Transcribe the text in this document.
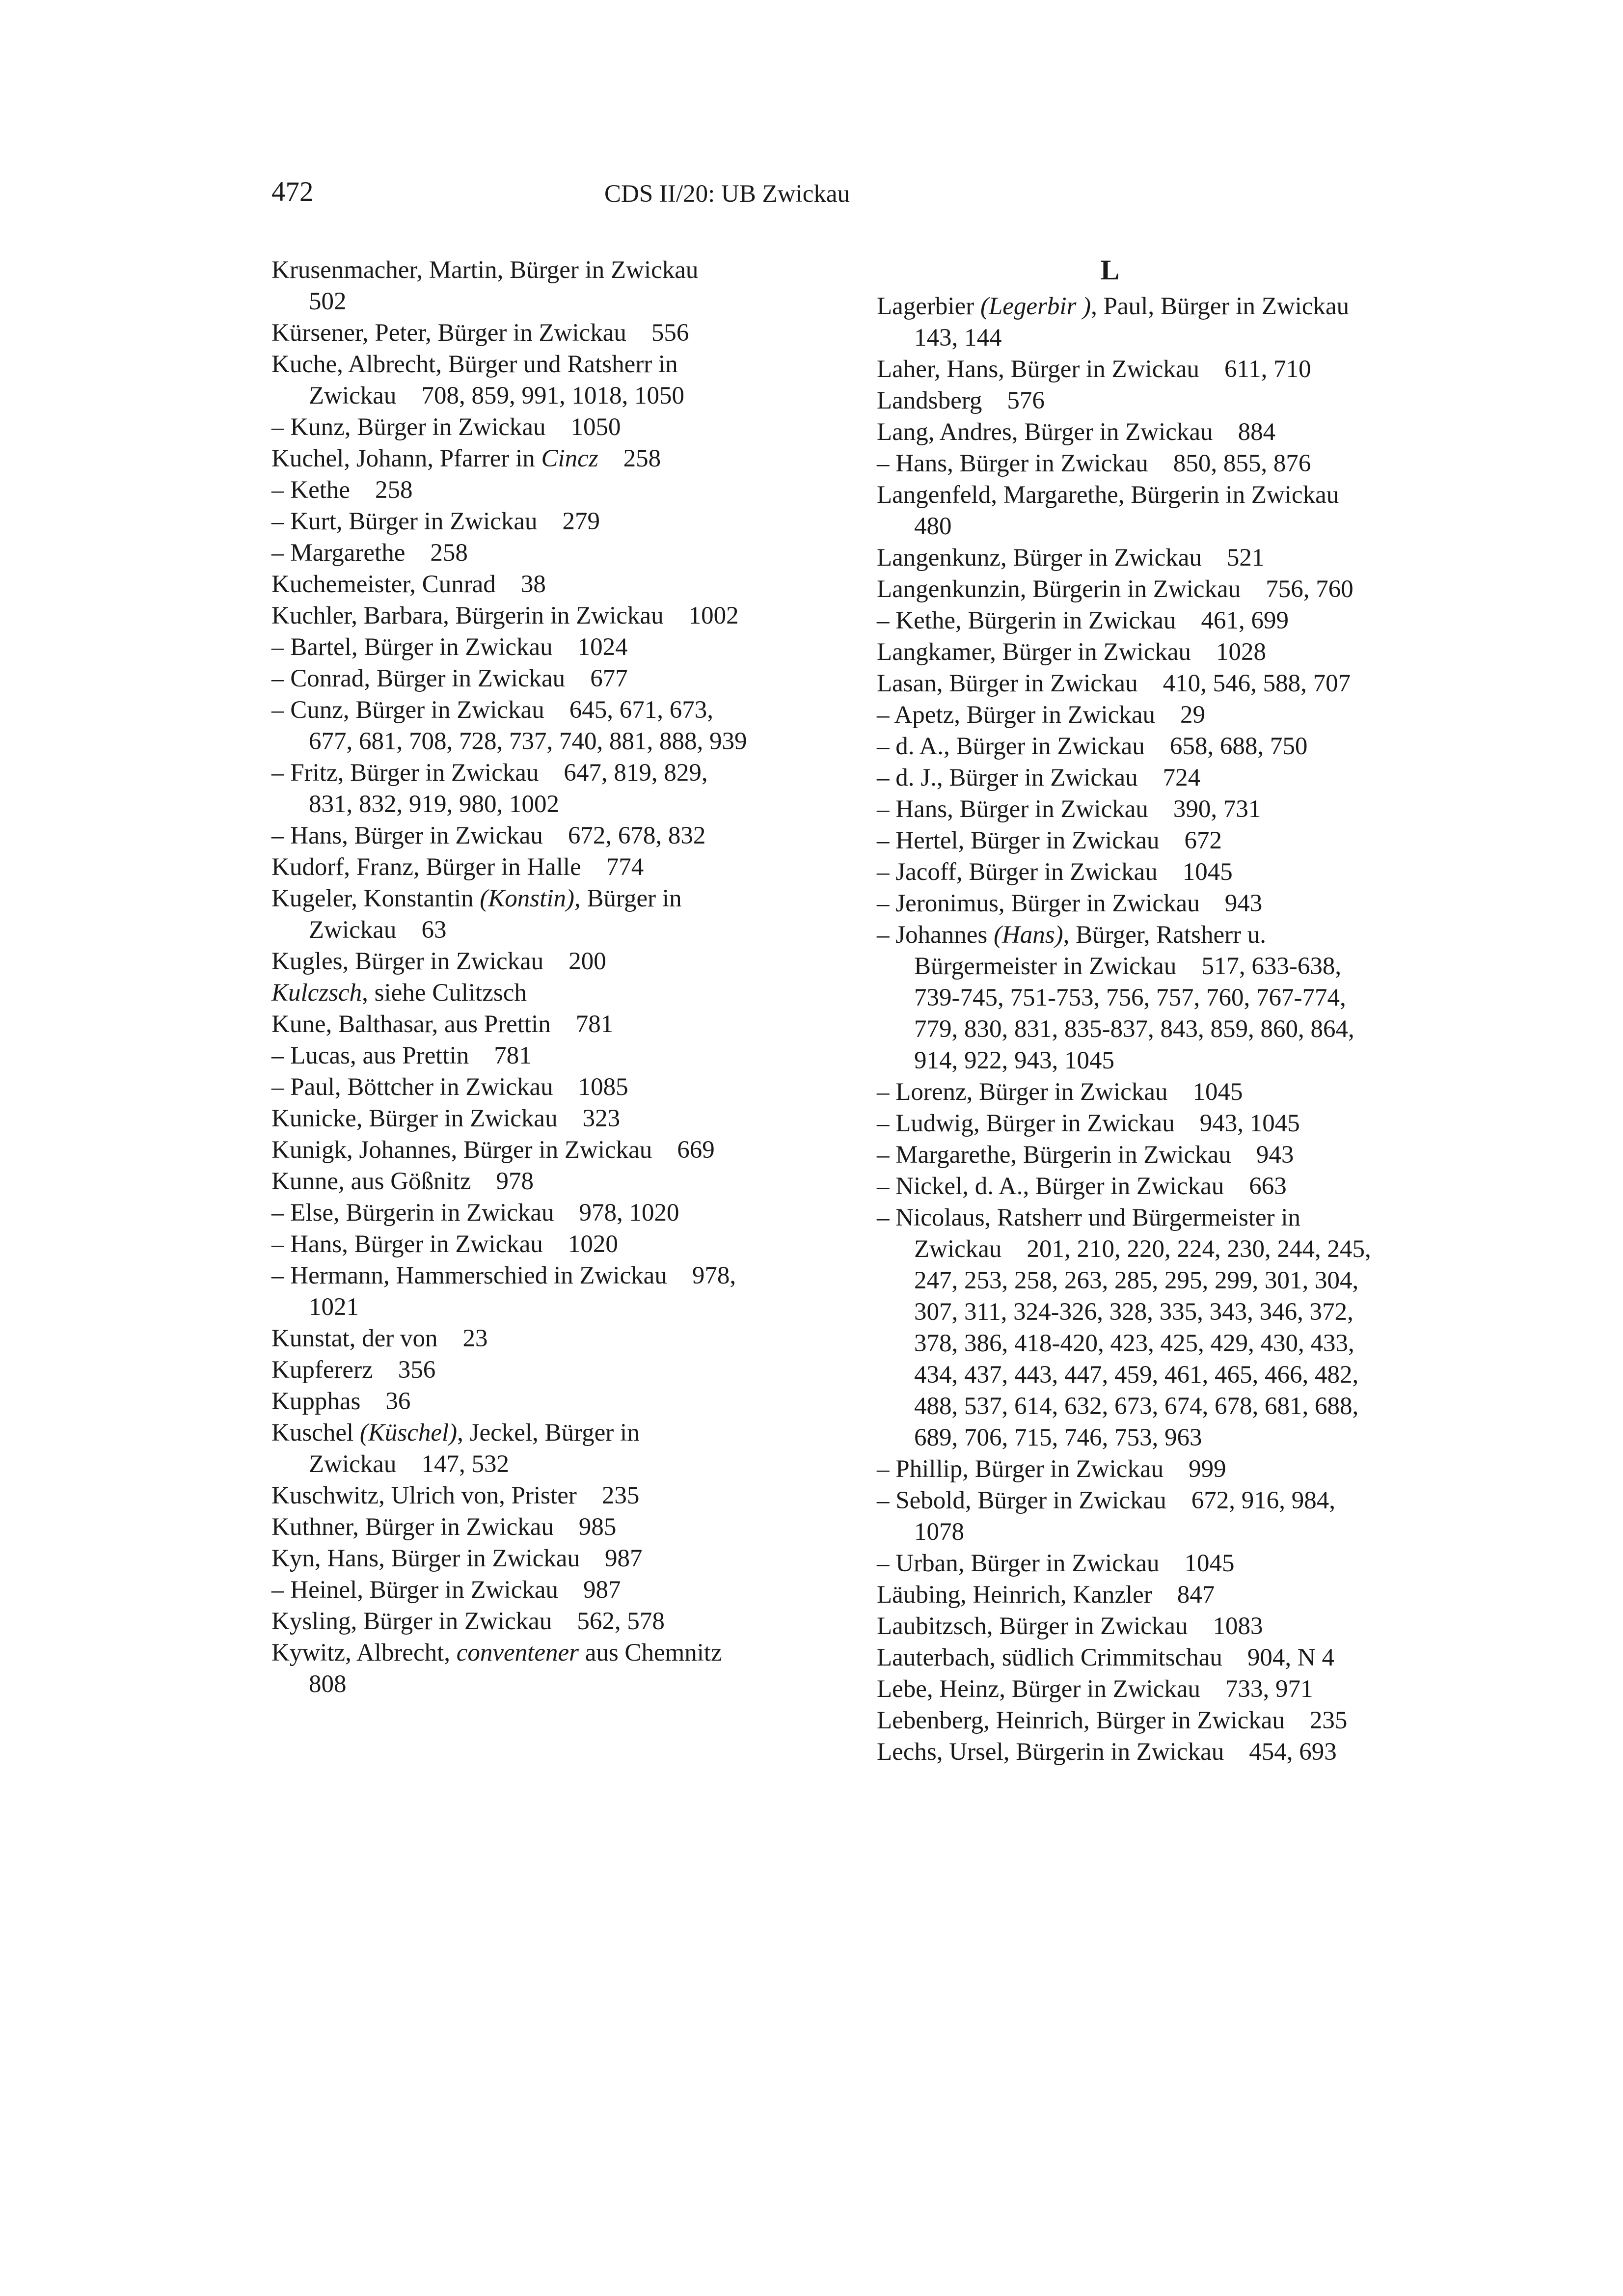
472	CDS II/20: UB Zwickau

Krusenmacher, Martin, Bürger in Zwickau 502

Kürsener, Peter, Bürger in Zwickau  556

Kuche, Albrecht, Bürger und Ratsherr in Zwickau  708, 859, 991, 1018, 1050

– Kunz, Bürger in Zwickau  1050

Kuchel, Johann, Pfarrer in Cincz  258

– Kethe  258

– Kurt, Bürger in Zwickau  279

– Margarethe  258

Kuchemeister, Cunrad  38

Kuchler, Barbara, Bürgerin in Zwickau  1002

– Bartel, Bürger in Zwickau  1024

– Conrad, Bürger in Zwickau  677

– Cunz, Bürger in Zwickau  645, 671, 673, 677, 681, 708, 728, 737, 740, 881, 888, 939

– Fritz, Bürger in Zwickau  647, 819, 829, 831, 832, 919, 980, 1002

– Hans, Bürger in Zwickau  672, 678, 832

Kudorf, Franz, Bürger in Halle  774

Kugeler, Konstantin (Konstin), Bürger in Zwickau  63

Kugles, Bürger in Zwickau  200

Kulczsch, siehe Culitzsch

Kune, Balthasar, aus Prettin  781

– Lucas, aus Prettin  781

– Paul, Böttcher in Zwickau  1085

Kunicke, Bürger in Zwickau  323

Kunigk, Johannes, Bürger in Zwickau  669

Kunne, aus Gößnitz  978

– Else, Bürgerin in Zwickau  978, 1020

– Hans, Bürger in Zwickau  1020

– Hermann, Hammerschied in Zwickau  978, 1021

Kunstat, der von  23

Kupfererz  356

Kupphas  36

Kuschel (Küschel), Jeckel, Bürger in Zwickau  147, 532

Kuschwitz, Ulrich von, Prister  235

Kuthner, Bürger in Zwickau  985

Kyn, Hans, Bürger in Zwickau  987

– Heinel, Bürger in Zwickau  987

Kysling, Bürger in Zwickau  562, 578

Kywitz, Albrecht, conventener aus Chemnitz 808

L

Lagerbier (Legerbir ), Paul, Bürger in Zwickau 143, 144

Laher, Hans, Bürger in Zwickau  611, 710

Landsberg  576

Lang, Andres, Bürger in Zwickau  884

– Hans, Bürger in Zwickau  850, 855, 876

Langenfeld, Margarethe, Bürgerin in Zwickau 480

Langenkunz, Bürger in Zwickau  521

Langenkunzin, Bürgerin in Zwickau  756, 760

– Kethe, Bürgerin in Zwickau  461, 699

Langkamer, Bürger in Zwickau  1028

Lasan, Bürger in Zwickau  410, 546, 588, 707

– Apetz, Bürger in Zwickau  29

– d. A., Bürger in Zwickau  658, 688, 750

– d. J., Bürger in Zwickau  724

– Hans, Bürger in Zwickau  390, 731

– Hertel, Bürger in Zwickau  672

– Jacoff, Bürger in Zwickau  1045

– Jeronimus, Bürger in Zwickau  943

– Johannes (Hans), Bürger, Ratsherr u. Bürgermeister in Zwickau  517, 633-638, 739-745, 751-753, 756, 757, 760, 767-774, 779, 830, 831, 835-837, 843, 859, 860, 864, 914, 922, 943, 1045

– Lorenz, Bürger in Zwickau  1045

– Ludwig, Bürger in Zwickau  943, 1045

– Margarethe, Bürgerin in Zwickau  943

– Nickel, d. A., Bürger in Zwickau  663

– Nicolaus, Ratsherr und Bürgermeister in Zwickau  201, 210, 220, 224, 230, 244, 245, 247, 253, 258, 263, 285, 295, 299, 301, 304, 307, 311, 324-326, 328, 335, 343, 346, 372, 378, 386, 418-420, 423, 425, 429, 430, 433, 434, 437, 443, 447, 459, 461, 465, 466, 482, 488, 537, 614, 632, 673, 674, 678, 681, 688, 689, 706, 715, 746, 753, 963

– Phillip, Bürger in Zwickau  999

– Sebold, Bürger in Zwickau  672, 916, 984, 1078

– Urban, Bürger in Zwickau  1045

Läubing, Heinrich, Kanzler  847

Laubitzsch, Bürger in Zwickau  1083

Lauterbach, südlich Crimmitschau  904, N 4

Lebe, Heinz, Bürger in Zwickau  733, 971

Lebenberg, Heinrich, Bürger in Zwickau  235

Lechs, Ursel, Bürgerin in Zwickau  454, 693
